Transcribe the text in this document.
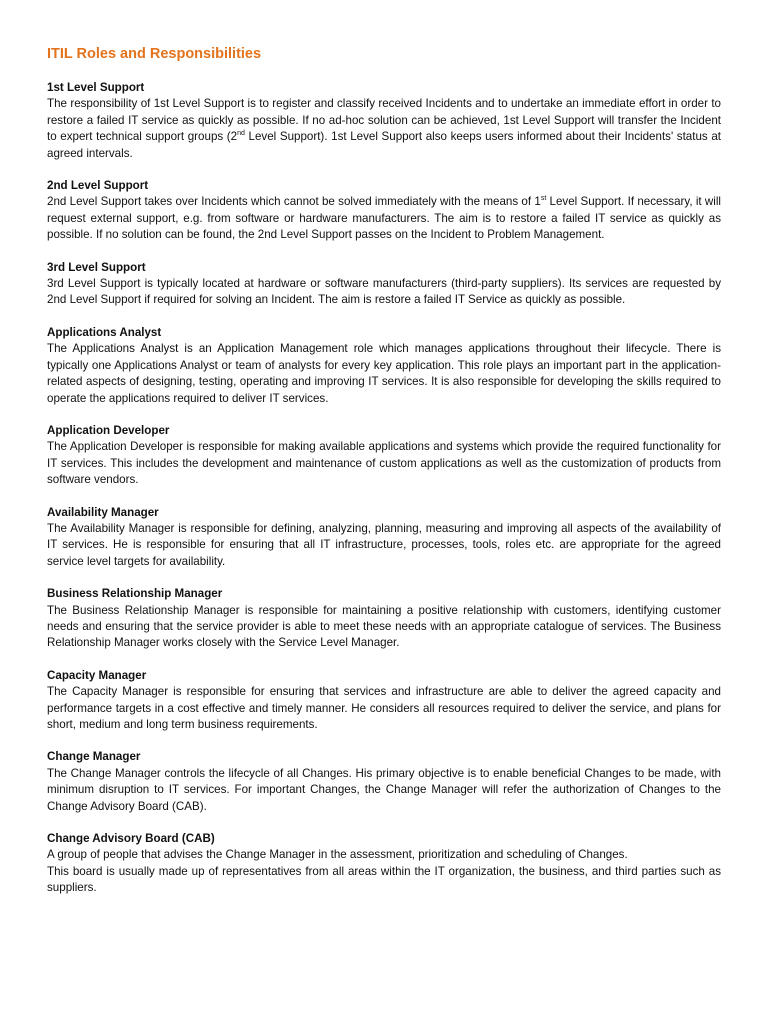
ITIL Roles and Responsibilities
1st Level Support

The responsibility of 1st Level Support is to register and classify received Incidents and to undertake an immediate effort in order to restore a failed IT service as quickly as possible. If no ad-hoc solution can be achieved, 1st Level Support will transfer the Incident to expert technical support groups (2nd Level Support). 1st Level Support also keeps users informed about their Incidents' status at agreed intervals.

2nd Level Support

2nd Level Support takes over Incidents which cannot be solved immediately with the means of 1st Level Support. If necessary, it will request external support, e.g. from software or hardware manufacturers. The aim is to restore a failed IT service as quickly as possible. If no solution can be found, the 2nd Level Support passes on the Incident to Problem Management.

3rd Level Support

3rd Level Support is typically located at hardware or software manufacturers (third-party suppliers). Its services are requested by 2nd Level Support if required for solving an Incident. The aim is restore a failed IT Service as quickly as possible.

Applications Analyst

The Applications Analyst is an Application Management role which manages applications throughout their lifecycle. There is typically one Applications Analyst or team of analysts for every key application. This role plays an important part in the application-related aspects of designing, testing, operating and improving IT services. It is also responsible for developing the skills required to operate the applications required to deliver IT services.

Application Developer

The Application Developer is responsible for making available applications and systems which provide the required functionality for IT services. This includes the development and maintenance of custom applications as well as the customization of products from software vendors.

Availability Manager

The Availability Manager is responsible for defining, analyzing, planning, measuring and improving all aspects of the availability of IT services. He is responsible for ensuring that all IT infrastructure, processes, tools, roles etc. are appropriate for the agreed service level targets for availability.

Business Relationship Manager

The Business Relationship Manager is responsible for maintaining a positive relationship with customers, identifying customer needs and ensuring that the service provider is able to meet these needs with an appropriate catalogue of services. The Business Relationship Manager works closely with the Service Level Manager.

Capacity Manager

The Capacity Manager is responsible for ensuring that services and infrastructure are able to deliver the agreed capacity and performance targets in a cost effective and timely manner. He considers all resources required to deliver the service, and plans for short, medium and long term business requirements.

Change Manager

The Change Manager controls the lifecycle of all Changes. His primary objective is to enable beneficial Changes to be made, with minimum disruption to IT services. For important Changes, the Change Manager will refer the authorization of Changes to the Change Advisory Board (CAB).

Change Advisory Board (CAB)

A group of people that advises the Change Manager in the assessment, prioritization and scheduling of Changes.

This board is usually made up of representatives from all areas within the IT organization, the business, and third parties such as suppliers.
